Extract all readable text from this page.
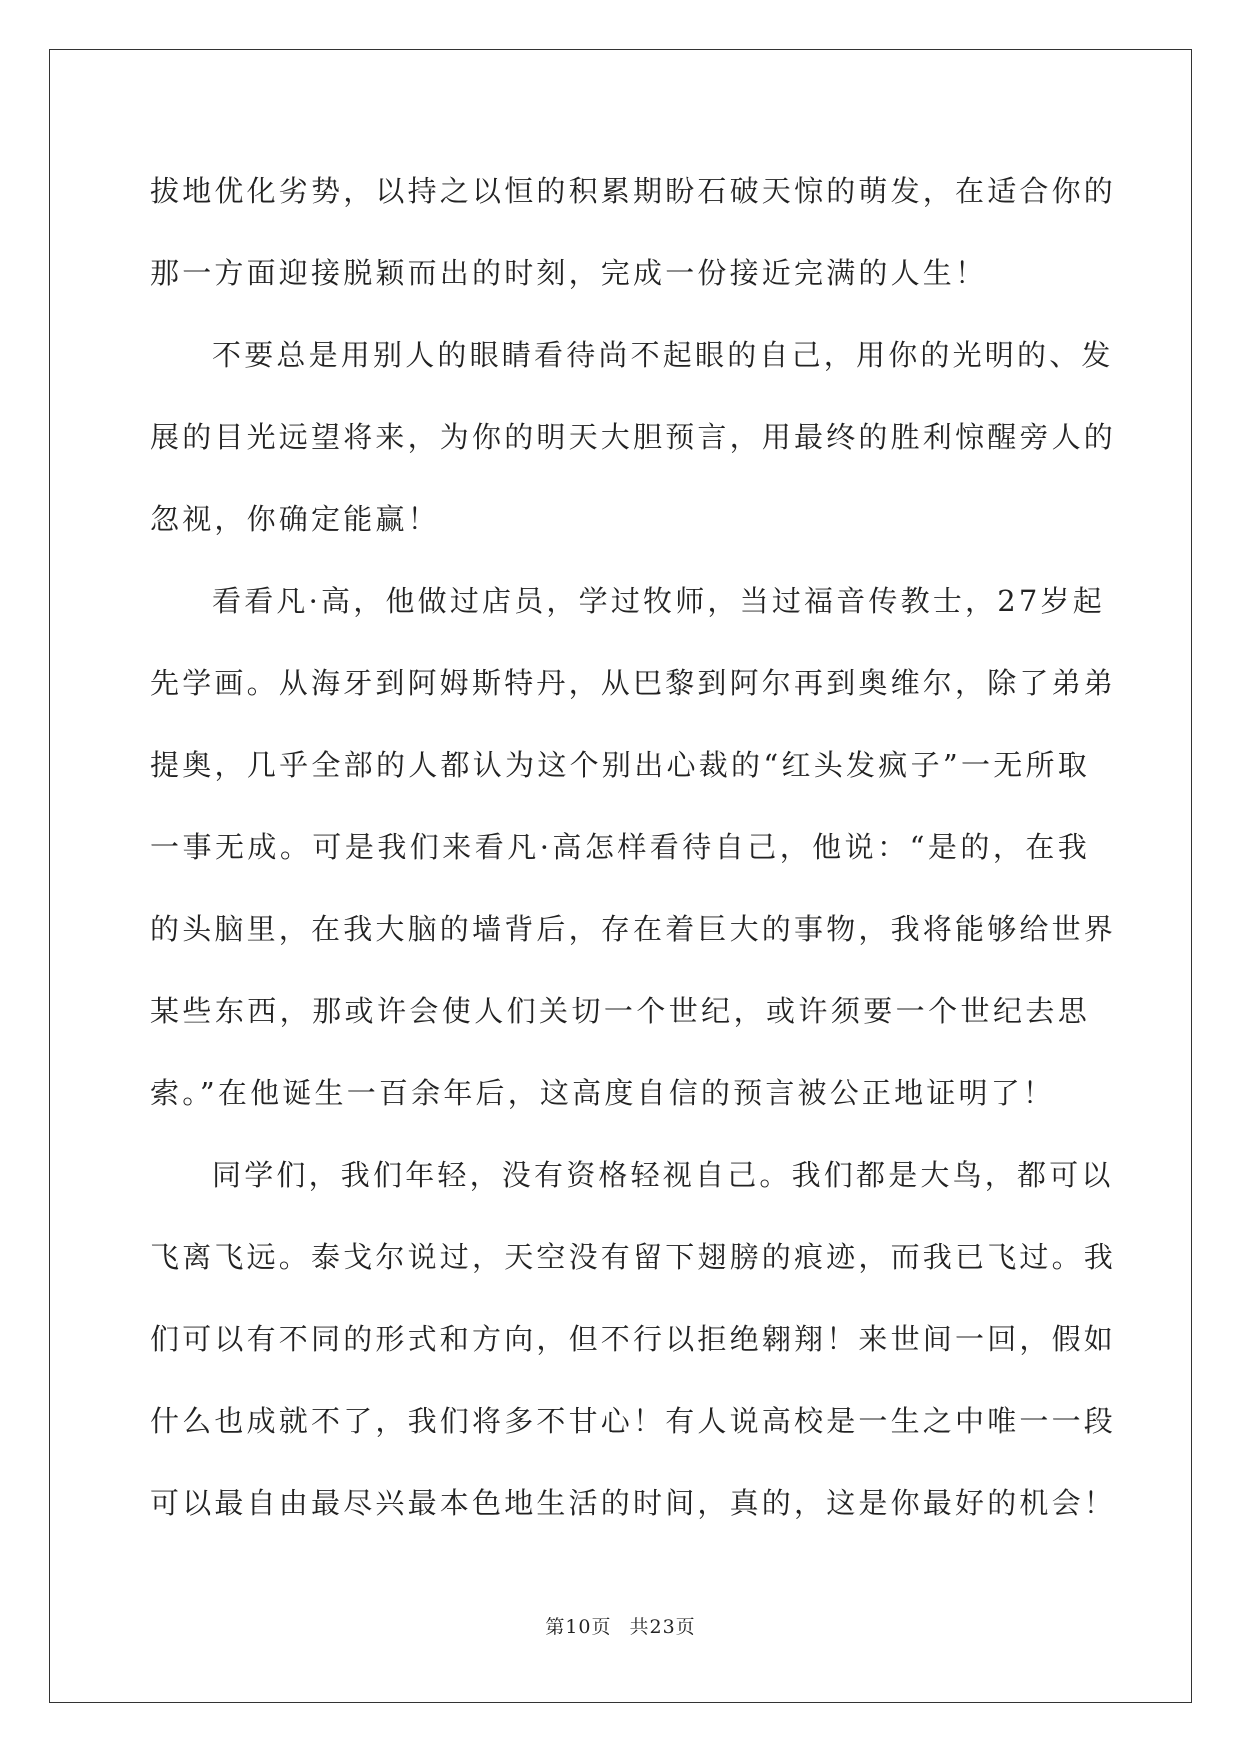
拔地优化劣势，以持之以恒的积累期盼石破天惊的萌发，在适合你的
那一方面迎接脱颖而出的时刻，完成一份接近完满的人生！
不要总是用别人的眼睛看待尚不起眼的自己，用你的光明的、发
展的目光远望将来，为你的明天大胆预言，用最终的胜利惊醒旁人的
忽视，你确定能赢！
看看凡·高，他做过店员，学过牧师，当过福音传教士，27岁起
先学画。从海牙到阿姆斯特丹，从巴黎到阿尔再到奥维尔，除了弟弟
提奥，几乎全部的人都认为这个别出心裁的“红头发疯子”一无所取
一事无成。可是我们来看凡·高怎样看待自己，他说：“是的，在我
的头脑里，在我大脑的墙背后，存在着巨大的事物，我将能够给世界
某些东西，那或许会使人们关切一个世纪，或许须要一个世纪去思
索。”在他诞生一百余年后，这高度自信的预言被公正地证明了！
同学们，我们年轻，没有资格轻视自己。我们都是大鸟，都可以
飞离飞远。泰戈尔说过，天空没有留下翅膀的痕迹，而我已飞过。我
们可以有不同的形式和方向，但不行以拒绝翱翔！来世间一回，假如
什么也成就不了，我们将多不甘心！有人说高校是一生之中唯一一段
可以最自由最尽兴最本色地生活的时间，真的，这是你最好的机会！
第10页 共23页
